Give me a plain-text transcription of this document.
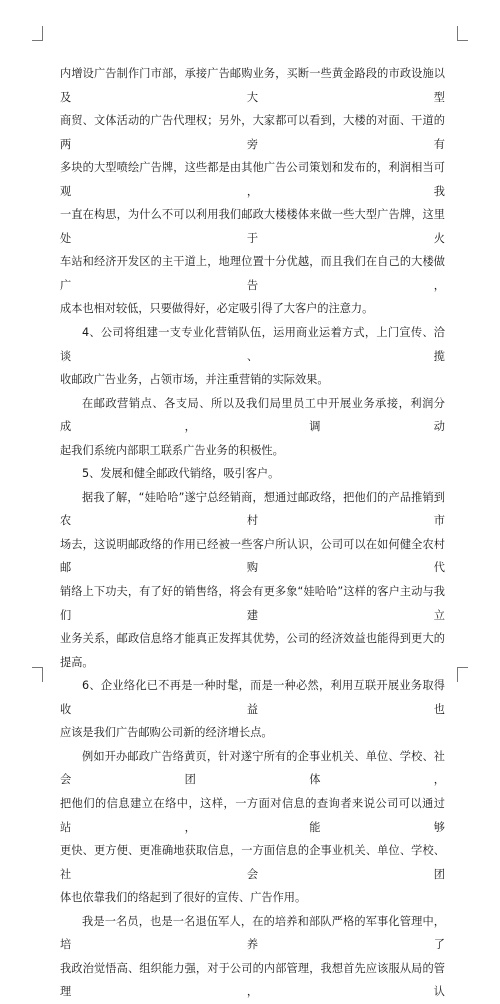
内增设广告制作门市部，承接广告邮购业务，买断一些黄金路段的市政设施以及大型

商贸、文体活动的广告代理权；另外，大家都可以看到，大楼的对面、干道的两旁有

多块的大型喷绘广告牌，这些都是由其他广告公司策划和发布的，利润相当可观，我

一直在构思，为什么不可以利用我们邮政大楼楼体来做一些大型广告牌，这里处于火

车站和经济开发区的主干道上，地理位置十分优越，而且我们在自己的大楼做广告，

成本也相对较低，只要做得好，必定吸引得了大客户的注意力。

4、公司将组建一支专业化营销队伍，运用商业运着方式，上门宣传、洽谈、揽

收邮政广告业务，占领市场，并注重营销的实际效果。

在邮政营销点、各支局、所以及我们局里员工中开展业务承接，利润分成，调动

起我们系统内部职工联系广告业务的积极性。

5、发展和健全邮政代销络，吸引客户。

据我了解，“娃哈哈”遂宁总经销商，想通过邮政络，把他们的产品推销到农村市

场去，这说明邮政络的作用已经被一些客户所认识，公司可以在如何健全农村邮购代

销络上下功夫，有了好的销售络，将会有更多象“娃哈哈”这样的客户主动与我们建立

业务关系，邮政信息络才能真正发挥其优势，公司的经济效益也能得到更大的提高。

6、企业络化已不再是一种时髦，而是一种必然，利用互联开展业务取得收益也

应该是我们广告邮购公司新的经济增长点。

例如开办邮政广告络黄页，针对遂宁所有的企事业机关、单位、学校、社会团体，

把他们的信息建立在络中，这样，一方面对信息的查询者来说公司可以通过站，能够

更快、更方便、更准确地获取信息，一方面信息的企事业机关、单位、学校、社会团

体也依靠我们的络起到了很好的宣传、广告作用。

我是一名员，也是一名退伍军人，在的培养和部队严格的军事化管理中，培养了

我政治觉悟高、组织能力强，对于公司的内部管理，我想首先应该服从局的管理，认
